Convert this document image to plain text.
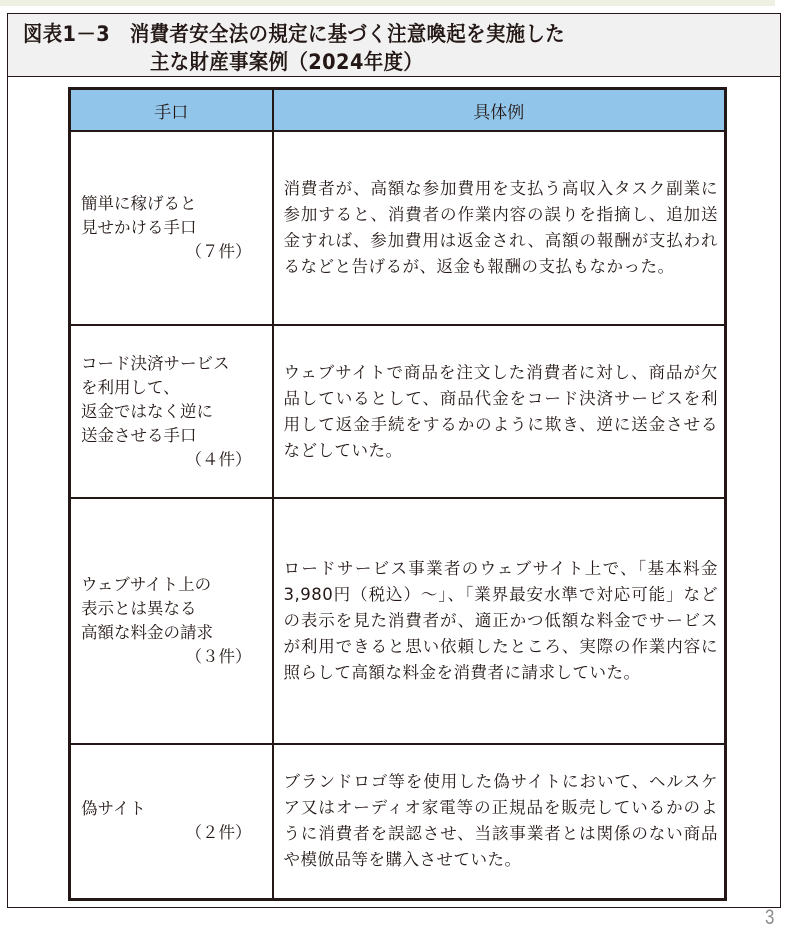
図表1－3　消費者安全法の規定に基づく注意喚起を実施した
主な財産事案例（2024年度）
手口	具体例

簡単に稼げると
見せかける手口
（７件）	消費者が、高額な参加費用を支払う高収入タスク副業に参加すると、消費者の作業内容の誤りを指摘し、追加送金すれば、参加費用は返金され、高額の報酬が支払われるなどと告げるが、返金も報酬の支払もなかった。

コード決済サービス
を利用して、
返金ではなく逆に
送金させる手口
（４件）	ウェブサイトで商品を注文した消費者に対し、商品が欠品しているとして、商品代金をコード決済サービスを利用して返金手続をするかのように欺き、逆に送金させるなどしていた。

ウェブサイト上の
表示とは異なる
高額な料金の請求
（３件）	ロードサービス事業者のウェブサイト上で、「基本料金 3,980円（税込）～」、「業界最安水準で対応可能」などの表示を見た消費者が、適正かつ低額な料金でサービスが利用できると思い依頼したところ、実際の作業内容に照らして高額な料金を消費者に請求していた。

偽サイト
（２件）	ブランドロゴ等を使用した偽サイトにおいて、ヘルスケア又はオーディオ家電等の正規品を販売しているかのように消費者を誤認させ、当該事業者とは関係のない商品や模倣品等を購入させていた。
3
